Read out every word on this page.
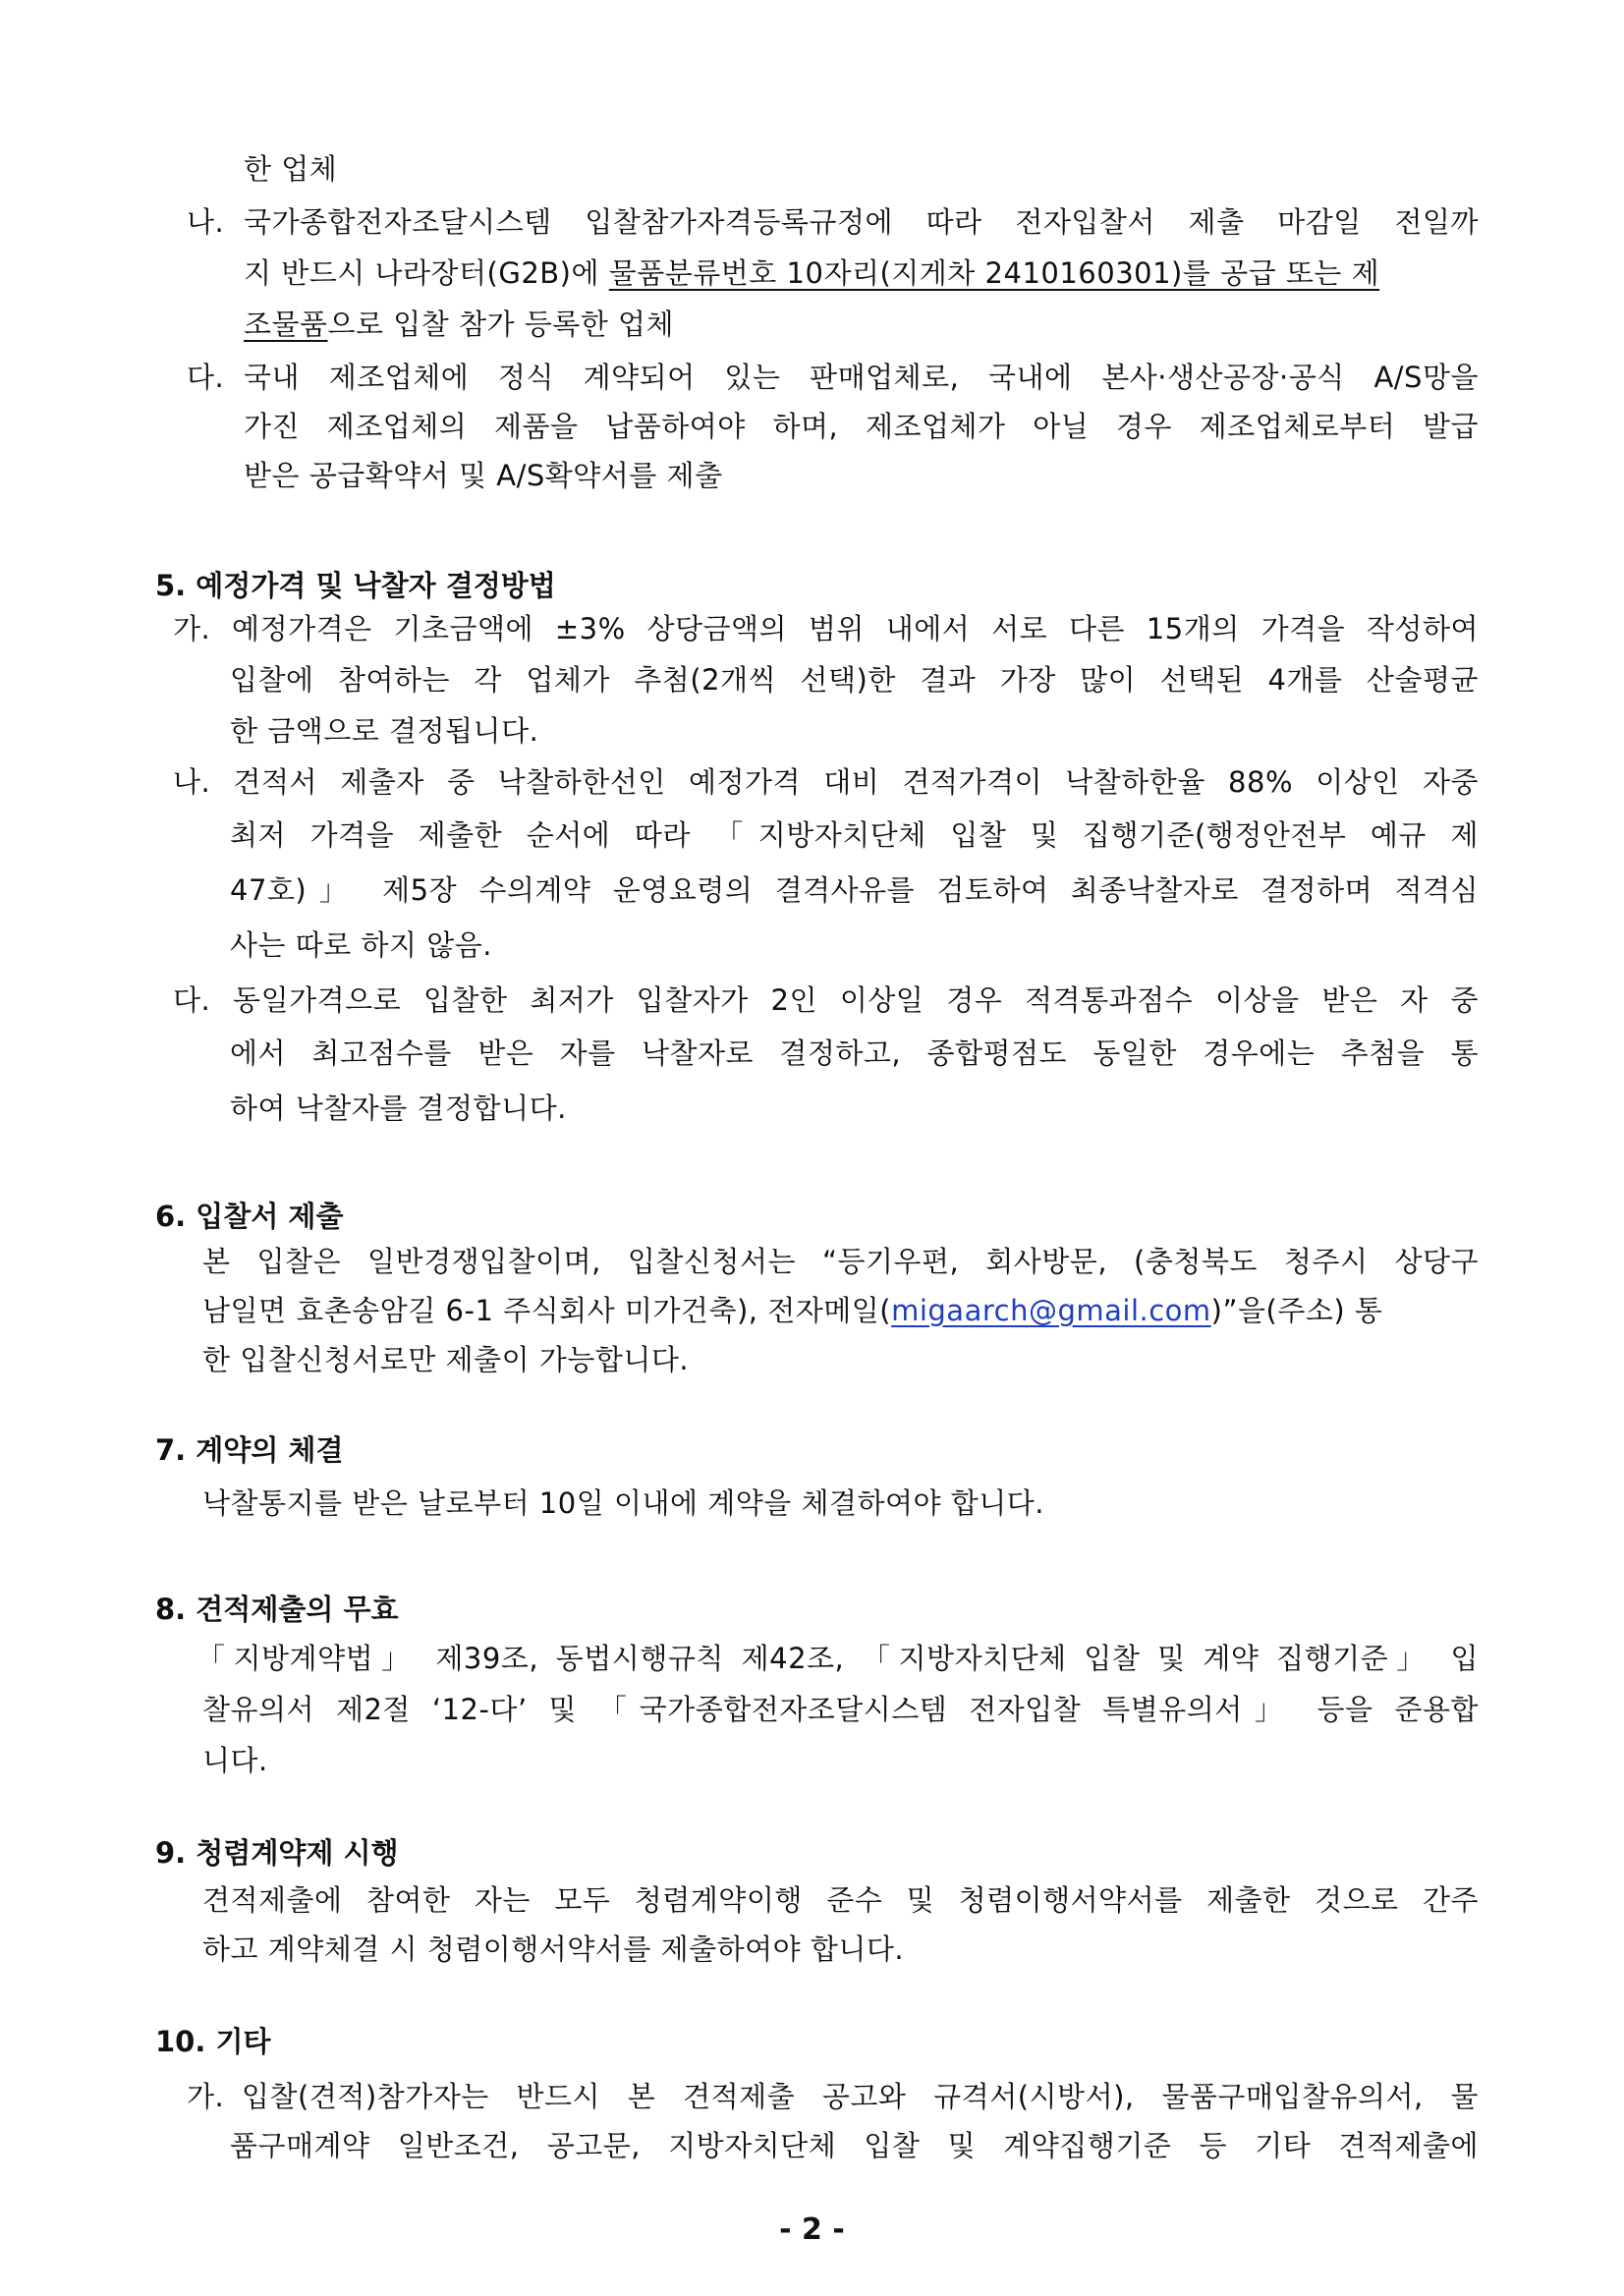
한 업체
나. 국가종합전자조달시스템 입찰참가자격등록규정에 따라 전자입찰서 제출 마감일 전일까
지 반드시 나라장터(G2B)에 물품분류번호 10자리(지게차 2410160301)를 공급 또는 제
조물품으로 입찰 참가 등록한 업체
다. 국내 제조업체에 정식 계약되어 있는 판매업체로, 국내에 본사·생산공장·공식 A/S망을
가진 제조업체의 제품을 납품하여야 하며, 제조업체가 아닐 경우 제조업체로부터 발급
받은 공급확약서 및 A/S확약서를 제출
5. 예정가격 및 낙찰자 결정방법
가. 예정가격은 기초금액에 ±3% 상당금액의 범위 내에서 서로 다른 15개의 가격을 작성하여
입찰에 참여하는 각 업체가 추첨(2개씩 선택)한 결과 가장 많이 선택된 4개를 산술평균
한 금액으로 결정됩니다.
나. 견적서 제출자 중 낙찰하한선인 예정가격 대비 견적가격이 낙찰하한율 88% 이상인 자중
최저 가격을 제출한 순서에 따라 「지방자치단체 입찰 및 집행기준(행정안전부 예규 제
47호)」 제5장 수의계약 운영요령의 결격사유를 검토하여 최종낙찰자로 결정하며 적격심
사는 따로 하지 않음.
다. 동일가격으로 입찰한 최저가 입찰자가 2인 이상일 경우 적격통과점수 이상을 받은 자 중
에서 최고점수를 받은 자를 낙찰자로 결정하고, 종합평점도 동일한 경우에는 추첨을 통
하여 낙찰자를 결정합니다.
6. 입찰서 제출
본 입찰은 일반경쟁입찰이며, 입찰신청서는 “등기우편, 회사방문, (충청북도 청주시 상당구
남일면 효촌송암길 6-1 주식회사 미가건축), 전자메일(migaarch@gmail.com)”을(주소) 통
한 입찰신청서로만 제출이 가능합니다.
7. 계약의 체결
낙찰통지를 받은 날로부터 10일 이내에 계약을 체결하여야 합니다.
8. 견적제출의 무효
「지방계약법」 제39조, 동법시행규칙 제42조, 「지방자치단체 입찰 및 계약 집행기준」 입
찰유의서 제2절 ‘12-다’ 및 「국가종합전자조달시스템 전자입찰 특별유의서」 등을 준용합
니다.
9. 청렴계약제 시행
견적제출에 참여한 자는 모두 청렴계약이행 준수 및 청렴이행서약서를 제출한 것으로 간주
하고 계약체결 시 청렴이행서약서를 제출하여야 합니다.
10. 기타
가. 입찰(견적)참가자는 반드시 본 견적제출 공고와 규격서(시방서), 물품구매입찰유의서, 물
품구매계약 일반조건, 공고문, 지방자치단체 입찰 및 계약집행기준 등 기타 견적제출에
- 2 -
